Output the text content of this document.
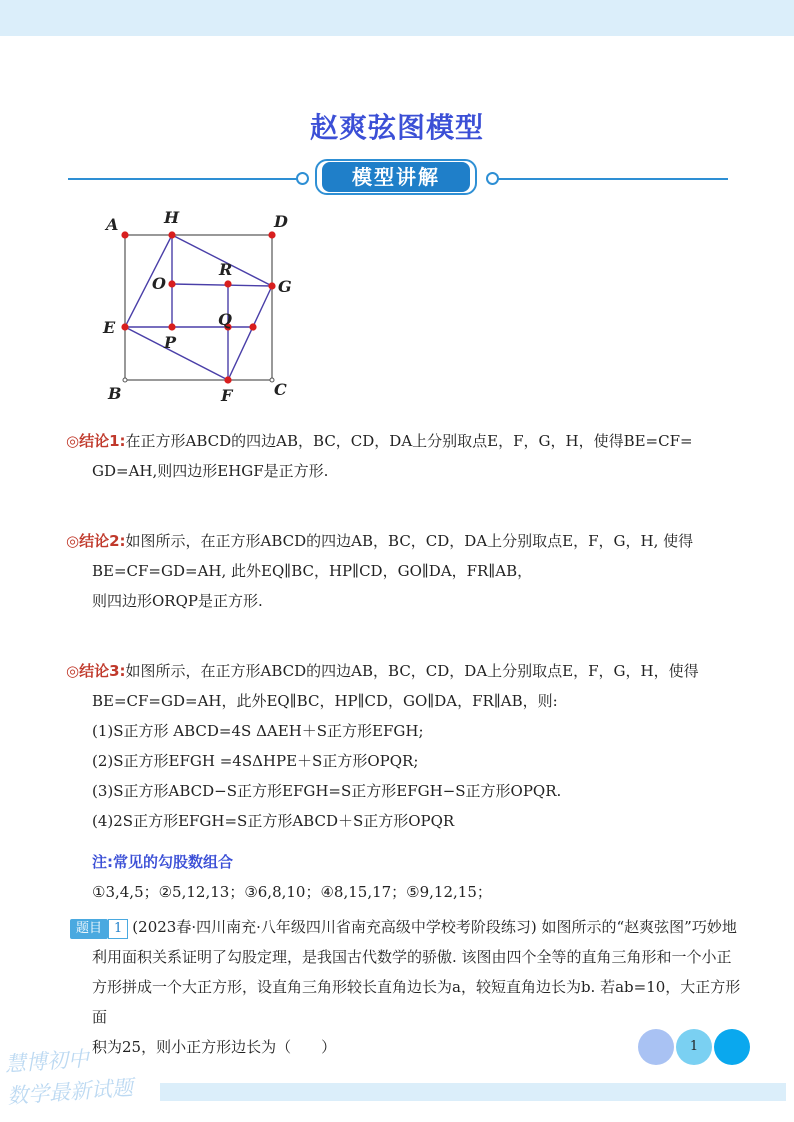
赵爽弦图模型
模型讲解
A	H	D
R
O	G
E	Q
P
B	F	C
◎结论1:在正方形ABCD的四边AB，BC，CD，DA上分别取点E，F，G，H，使得BE=CF=
GD=AH,则四边形EHGF是正方形.
◎结论2:如图所示，在正方形ABCD的四边AB，BC，CD，DA上分别取点E，F，G，H, 使得
BE=CF=GD=AH, 此外EQ∥BC，HP∥CD，GO∥DA，FR∥AB，
则四边形ORQP是正方形.
◎结论3:如图所示，在正方形ABCD的四边AB，BC，CD，DA上分别取点E，F，G，H，使得
BE=CF=GD=AH，此外EQ∥BC，HP∥CD，GO∥DA，FR∥AB，则:
(1)S正方形 ABCD=4S ΔAEH＋S正方形EFGH;
(2)S正方形EFGH =4SΔHPE＋S正方形OPQR;
(3)S正方形ABCD−S正方形EFGH=S正方形EFGH−S正方形OPQR.
(4)2S正方形EFGH=S正方形ABCD＋S正方形OPQR
注:常见的勾股数组合
①3,4,5；②5,12,13；③6,8,10；④8,15,17；⑤9,12,15；
题目 1 (2023春·四川南充·八年级四川省南充高级中学校考阶段练习) 如图所示的“赵爽弦图”巧妙地
利用面积关系证明了勾股定理，是我国古代数学的骄傲. 该图由四个全等的直角三角形和一个小正
方形拼成一个大正方形，设直角三角形较长直角边长为a，较短直角边长为b. 若ab=10，大正方形面
积为25，则小正方形边长为（　　）	1
慧博初中
数学最新试题
